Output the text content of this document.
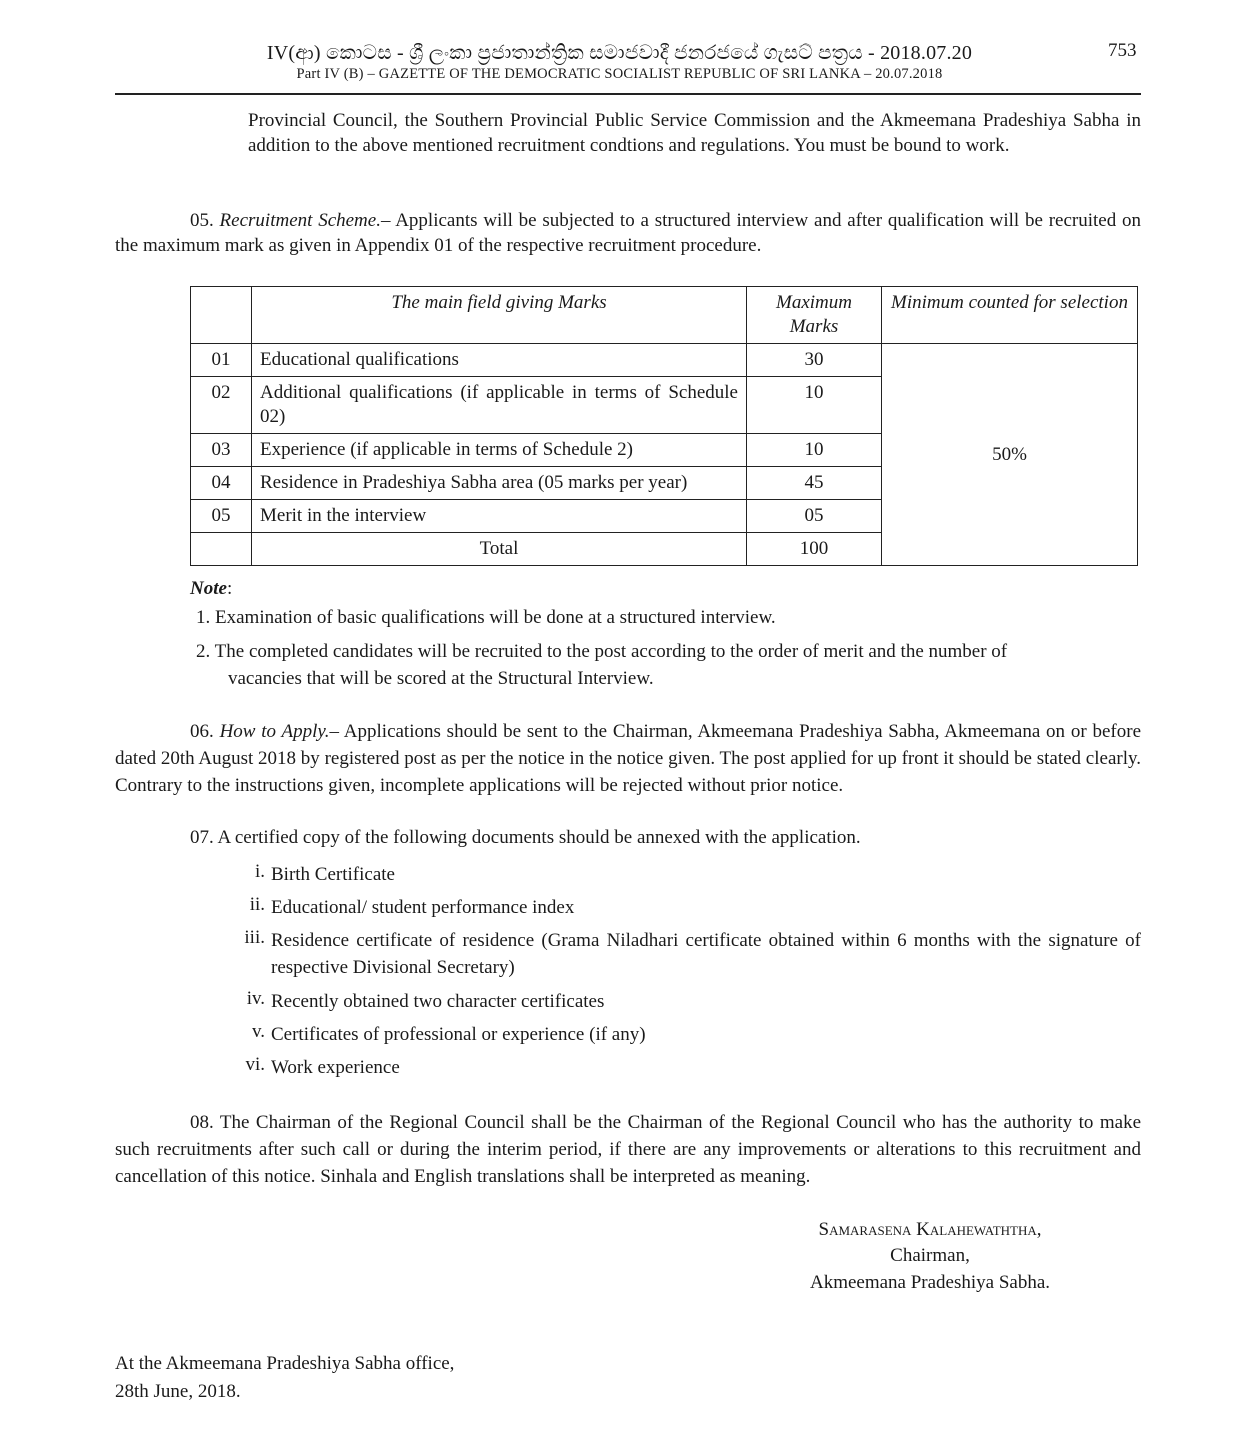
IV(ආ) කොටස - ශ්‍රී ලංකා ප්‍රජාතාන්ත්‍රික සමාජවාදී ජනරජයේ ගැසට් පත්‍රය - 2018.07.20
Part IV (B) – GAZETTE OF THE DEMOCRATIC SOCIALIST REPUBLIC OF SRI LANKA – 20.07.2018
753
Provincial Council, the Southern Provincial Public Service Commission and the Akmeemana Pradeshiya Sabha in addition to the above mentioned recruitment condtions and regulations. You must be bound to work.
05. Recruitment Scheme.– Applicants will be subjected to a structured interview and after qualification will be recruited on the maximum mark as given in Appendix 01 of the respective recruitment procedure.
	The main field giving Marks	Maximum Marks	Minimum counted for selection
01	Educational qualifications	30	50%
02	Additional qualifications (if applicable in terms of Schedule 02)	10	
03	Experience (if applicable in terms of Schedule 2)	10	
04	Residence in Pradeshiya Sabha area (05 marks per year)	45	
05	Merit in the interview	05	
	Total	100	
Note:
1. Examination of basic qualifications will be done at a structured interview.
2. The completed candidates will be recruited to the post according to the order of merit and the number of
vacancies that will be scored at the Structural Interview.
06. How to Apply.– Applications should be sent to the Chairman, Akmeemana Pradeshiya Sabha, Akmeemana on or before dated 20th August 2018 by registered post as per the notice in the notice given. The post applied for up front it should be stated clearly. Contrary to the instructions given, incomplete applications will be rejected without prior notice.
07. A certified copy of the following documents should be annexed with the application.
i. Birth Certificate
ii. Educational/ student performance index
iii. Residence certificate of residence (Grama Niladhari certificate obtained within 6 months with the signature of respective Divisional Secretary)
iv. Recently obtained two character certificates
v. Certificates of professional or experience (if any)
vi. Work experience
08. The Chairman of the Regional Council shall be the Chairman of the Regional Council who has the authority to make such recruitments after such call or during the interim period, if there are any improvements or alterations to this recruitment and cancellation of this notice. Sinhala and English translations shall be interpreted as meaning.
Samarasena Kalahewaththa,
Chairman,
Akmeemana Pradeshiya Sabha.
At the Akmeemana Pradeshiya Sabha office,
28th June, 2018.
